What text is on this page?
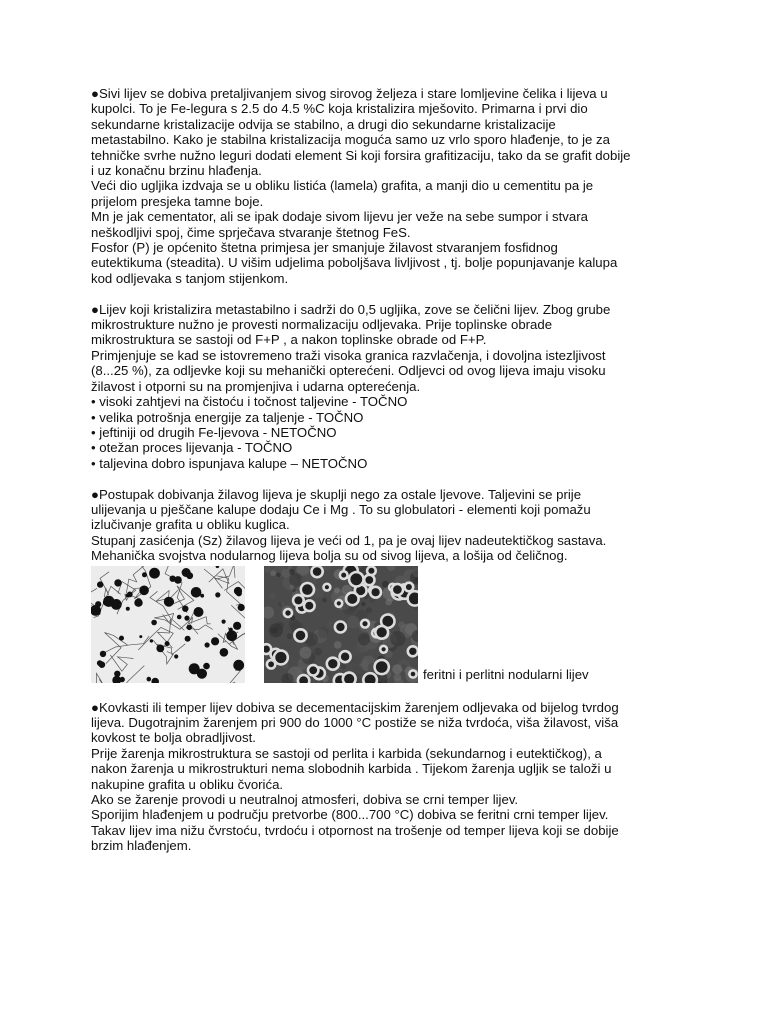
●Sivi lijev se dobiva pretaljivanjem sivog sirovog željeza i stare lomljevine čelika i lijeva u
kupolci. To je Fe-legura s 2.5 do 4.5 %C koja kristalizira mješovito. Primarna i prvi dio
sekundarne kristalizacije odvija se stabilno, a drugi dio sekundarne kristalizacije
metastabilno. Kako je stabilna kristalizacija moguća samo uz vrlo sporo hlađenje, to je za
tehničke svrhe nužno leguri dodati element Si koji forsira grafitizaciju, tako da se grafit dobije
i uz konačnu brzinu hlađenja.
Veći dio ugljika izdvaja se u obliku listića (lamela) grafita, a manji dio u cementitu pa je
prijelom presjeka tamne boje.
Mn je jak cementator, ali se ipak dodaje sivom lijevu jer veže na sebe sumpor i stvara
neškodljivi spoj, čime sprječava stvaranje štetnog FeS.
Fosfor (P) je općenito štetna primjesa jer smanjuje žilavost stvaranjem fosfidnog
eutektikuma (steadita). U višim udjelima poboljšava livljivost , tj. bolje popunjavanje kalupa
kod odljevaka s tanjom stijenkom.
●Lijev koji kristalizira metastabilno i sadrži do 0,5 ugljika, zove se čelični lijev. Zbog grube
mikrostrukture nužno je provesti normalizaciju odljevaka. Prije toplinske obrade
mikrostruktura se sastoji od F+P , a nakon toplinske obrade od F+P.
Primjenjuje se kad se istovremeno traži visoka granica razvlačenja, i dovoljna istezljivost
(8...25 %), za odljevke koji su mehanički opterećeni. Odljevci od ovog lijeva imaju visoku
žilavost i otporni su na promjenjiva i udarna opterećenja.
• visoki zahtjevi na čistoću i točnost taljevine - TOČNO
• velika potrošnja energije za taljenje - TOČNO
• jeftiniji od drugih Fe-ljevova - NETOČNO
• otežan proces lijevanja - TOČNO
• taljevina dobro ispunjava kalupe – NETOČNO
●Postupak dobivanja žilavog lijeva je skuplji nego za ostale ljevove. Taljevini se prije
ulijevanja u pješčane kalupe dodaju Ce i Mg . To su globulatori - elementi koji pomažu
izlučivanje grafita u obliku kuglica.
Stupanj zasićenja (Sz) žilavog lijeva je veći od 1, pa je ovaj lijev nadeutektičkog sastava.
Mehanička svojstva nodularnog lijeva bolja su od sivog lijeva, a lošija od čeličnog.
feritni i perlitni nodularni lijev
●Kovkasti ili temper lijev dobiva se decementacijskim žarenjem odljevaka od bijelog tvrdog
lijeva. Dugotrajnim žarenjem pri 900 do 1000 °C postiže se niža tvrdoća, viša žilavost, viša
kovkost te bolja obradljivost.
Prije žarenja mikrostruktura se sastoji od perlita i karbida (sekundarnog i eutektičkog), a
nakon žarenja u mikrostrukturi nema slobodnih karbida . Tijekom žarenja ugljik se taloži u
nakupine grafita u obliku čvorića.
Ako se žarenje provodi u neutralnoj atmosferi, dobiva se crni temper lijev.
Sporijim hlađenjem u području pretvorbe (800...700 °C) dobiva se feritni crni temper lijev.
Takav lijev ima nižu čvrstoću, tvrdoću i otpornost na trošenje od temper lijeva koji se dobije
brzim hlađenjem.
